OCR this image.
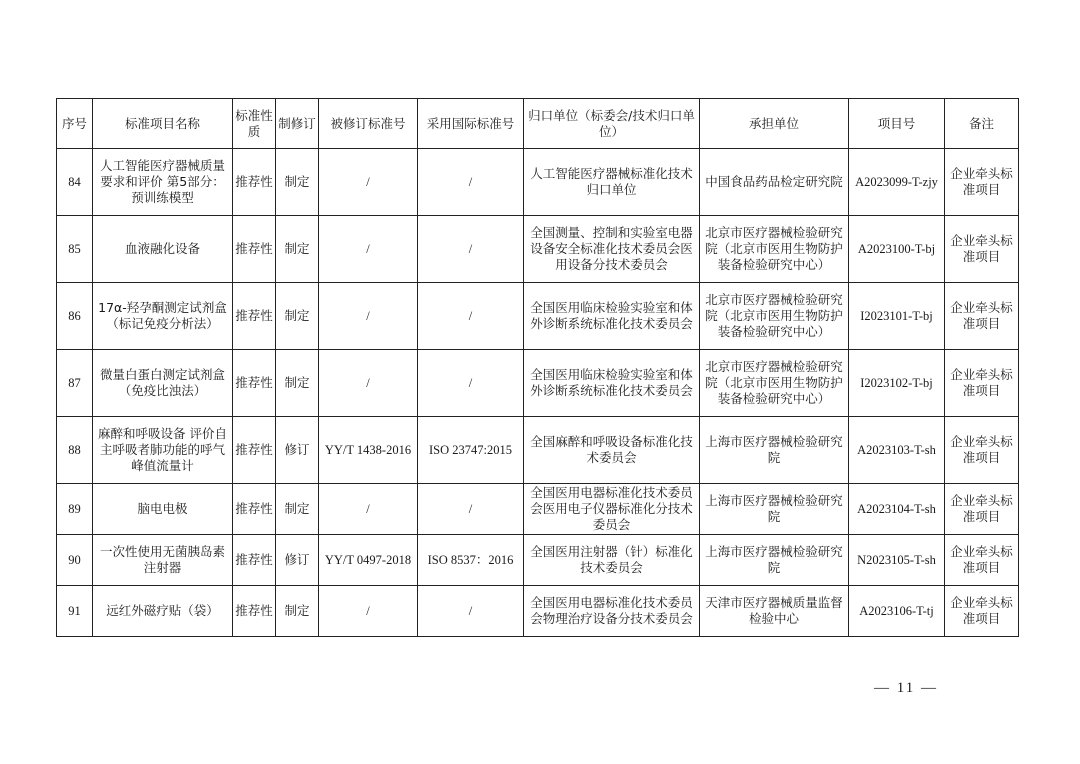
序号	标准项目名称	标准性质	制修订	被修订标准号	采用国际标准号	归口单位（标委会/技术归口单位）	承担单位	项目号	备注
84	人工智能医疗器械质量要求和评价 第5部分：预训练模型	推荐性	制定	/	/	人工智能医疗器械标准化技术归口单位	中国食品药品检定研究院	A2023099-T-zjy	企业牵头标准项目
85	血液融化设备	推荐性	制定	/	/	全国测量、控制和实验室电器设备安全标准化技术委员会医用设备分技术委员会	北京市医疗器械检验研究院（北京市医用生物防护装备检验研究中心）	A2023100-T-bj	企业牵头标准项目
86	17α-羟孕酮测定试剂盒（标记免疫分析法）	推荐性	制定	/	/	全国医用临床检验实验室和体外诊断系统标准化技术委员会	北京市医疗器械检验研究院（北京市医用生物防护装备检验研究中心）	I2023101-T-bj	企业牵头标准项目
87	微量白蛋白测定试剂盒（免疫比浊法）	推荐性	制定	/	/	全国医用临床检验实验室和体外诊断系统标准化技术委员会	北京市医疗器械检验研究院（北京市医用生物防护装备检验研究中心）	I2023102-T-bj	企业牵头标准项目
88	麻醉和呼吸设备 评价自主呼吸者肺功能的呼气峰值流量计	推荐性	修订	YY/T 1438-2016	ISO 23747:2015	全国麻醉和呼吸设备标准化技术委员会	上海市医疗器械检验研究院	A2023103-T-sh	企业牵头标准项目
89	脑电电极	推荐性	制定	/	/	全国医用电器标准化技术委员会医用电子仪器标准化分技术委员会	上海市医疗器械检验研究院	A2023104-T-sh	企业牵头标准项目
90	一次性使用无菌胰岛素注射器	推荐性	修订	YY/T 0497-2018	ISO 8537：2016	全国医用注射器（针）标准化技术委员会	上海市医疗器械检验研究院	N2023105-T-sh	企业牵头标准项目
91	远红外磁疗贴（袋）	推荐性	制定	/	/	全国医用电器标准化技术委员会物理治疗设备分技术委员会	天津市医疗器械质量监督检验中心	A2023106-T-tj	企业牵头标准项目
— 11 —
